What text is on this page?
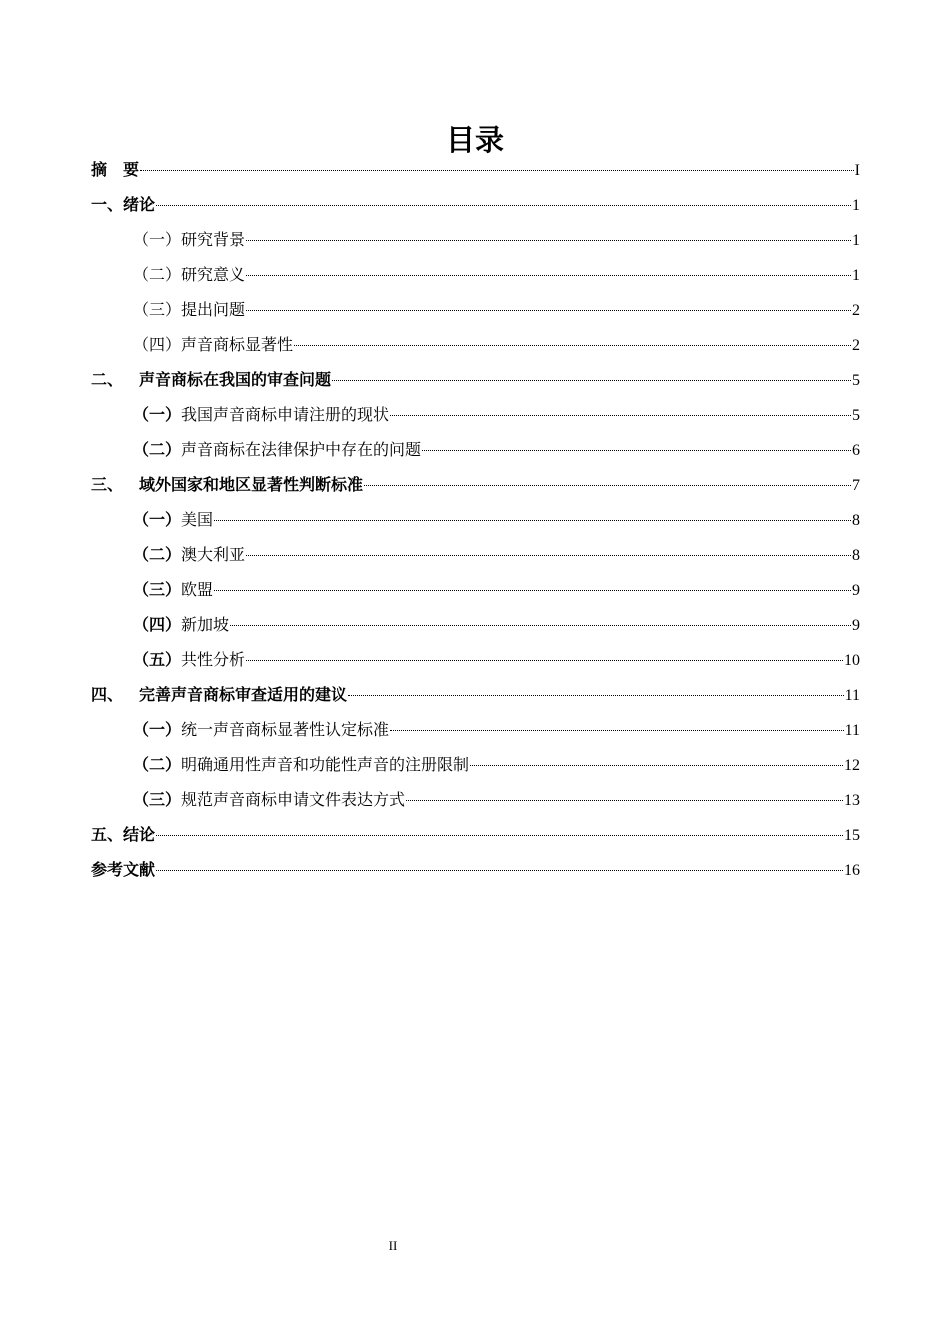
目录
摘　要	I
一、绪论	1
（一）研究背景	1
（二）研究意义	1
（三）提出问题	2
（四）声音商标显著性	2
二、 声音商标在我国的审查问题	5
（一）我国声音商标申请注册的现状	5
（二）声音商标在法律保护中存在的问题	6
三、 域外国家和地区显著性判断标准	7
（一）美国	8
（二）澳大利亚	8
（三）欧盟	9
（四）新加坡	9
（五）共性分析	10
四、 完善声音商标审查适用的建议	11
（一）统一声音商标显著性认定标准	11
（二）明确通用性声音和功能性声音的注册限制	12
（三）规范声音商标申请文件表达方式	13
五、结论	15
参考文献	16
II
